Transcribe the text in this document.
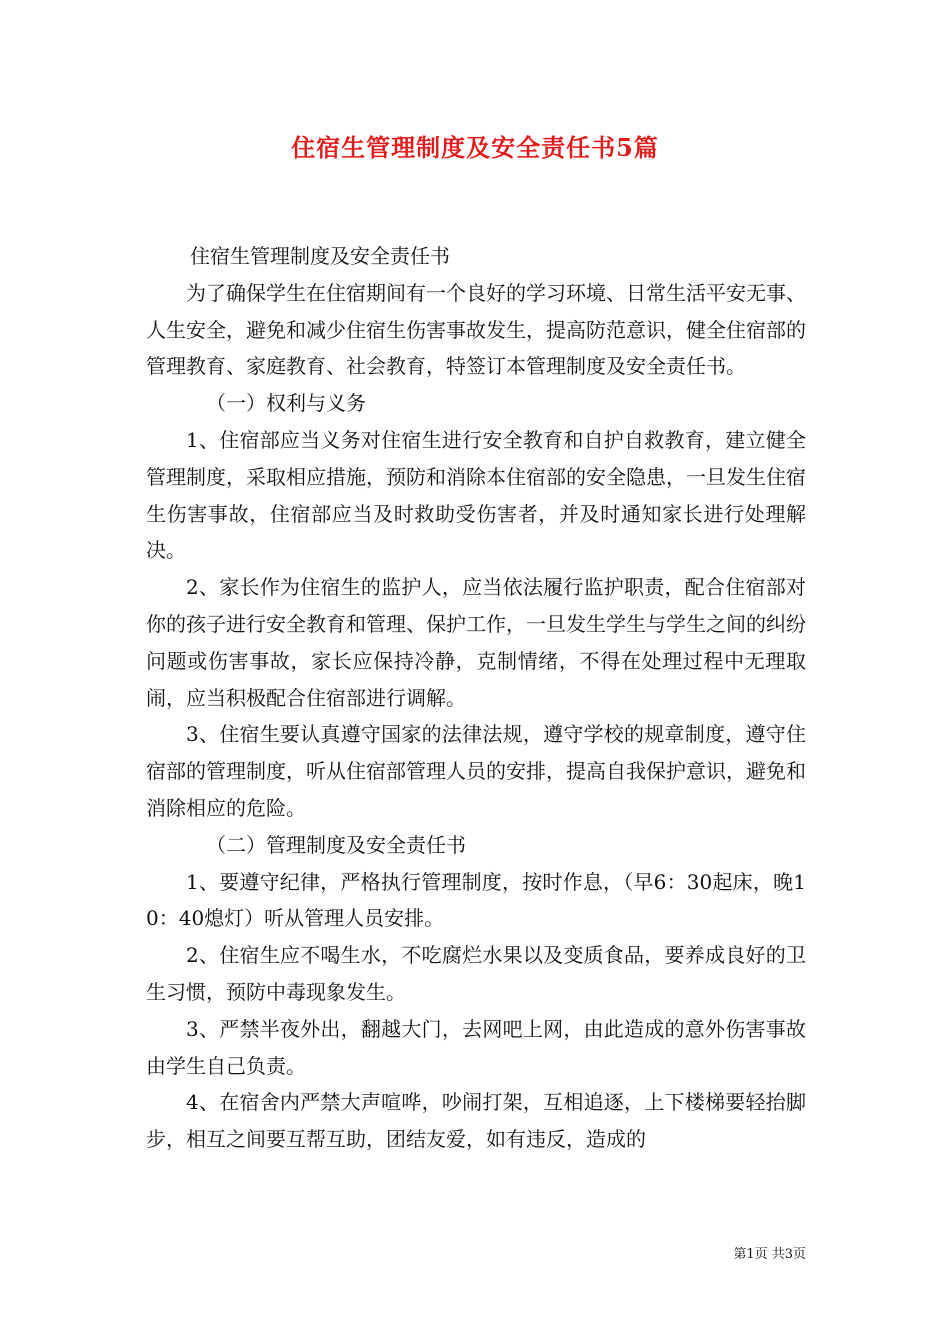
住宿生管理制度及安全责任书5篇

住宿生管理制度及安全责任书

为了确保学生在住宿期间有一个良好的学习环境、日常生活平安无事、人生安全，避免和减少住宿生伤害事故发生，提高防范意识，健全住宿部的管理教育、家庭教育、社会教育，特签订本管理制度及安全责任书。

（一）权利与义务

1、住宿部应当义务对住宿生进行安全教育和自护自救教育，建立健全管理制度，采取相应措施，预防和消除本住宿部的安全隐患，一旦发生住宿生伤害事故，住宿部应当及时救助受伤害者，并及时通知家长进行处理解决。

2、家长作为住宿生的监护人，应当依法履行监护职责，配合住宿部对你的孩子进行安全教育和管理、保护工作，一旦发生学生与学生之间的纠纷问题或伤害事故，家长应保持冷静，克制情绪，不得在处理过程中无理取闹，应当积极配合住宿部进行调解。

3、住宿生要认真遵守国家的法律法规，遵守学校的规章制度，遵守住宿部的管理制度，听从住宿部管理人员的安排，提高自我保护意识，避免和消除相应的危险。

（二）管理制度及安全责任书

1、要遵守纪律，严格执行管理制度，按时作息，（早6：30起床，晚10：40熄灯）听从管理人员安排。

2、住宿生应不喝生水，不吃腐烂水果以及变质食品，要养成良好的卫生习惯，预防中毒现象发生。

3、严禁半夜外出，翻越大门，去网吧上网，由此造成的意外伤害事故由学生自己负责。

4、在宿舍内严禁大声喧哗，吵闹打架，互相追逐，上下楼梯要轻抬脚步，相互之间要互帮互助，团结友爱，如有违反，造成的

第1页 共3页
